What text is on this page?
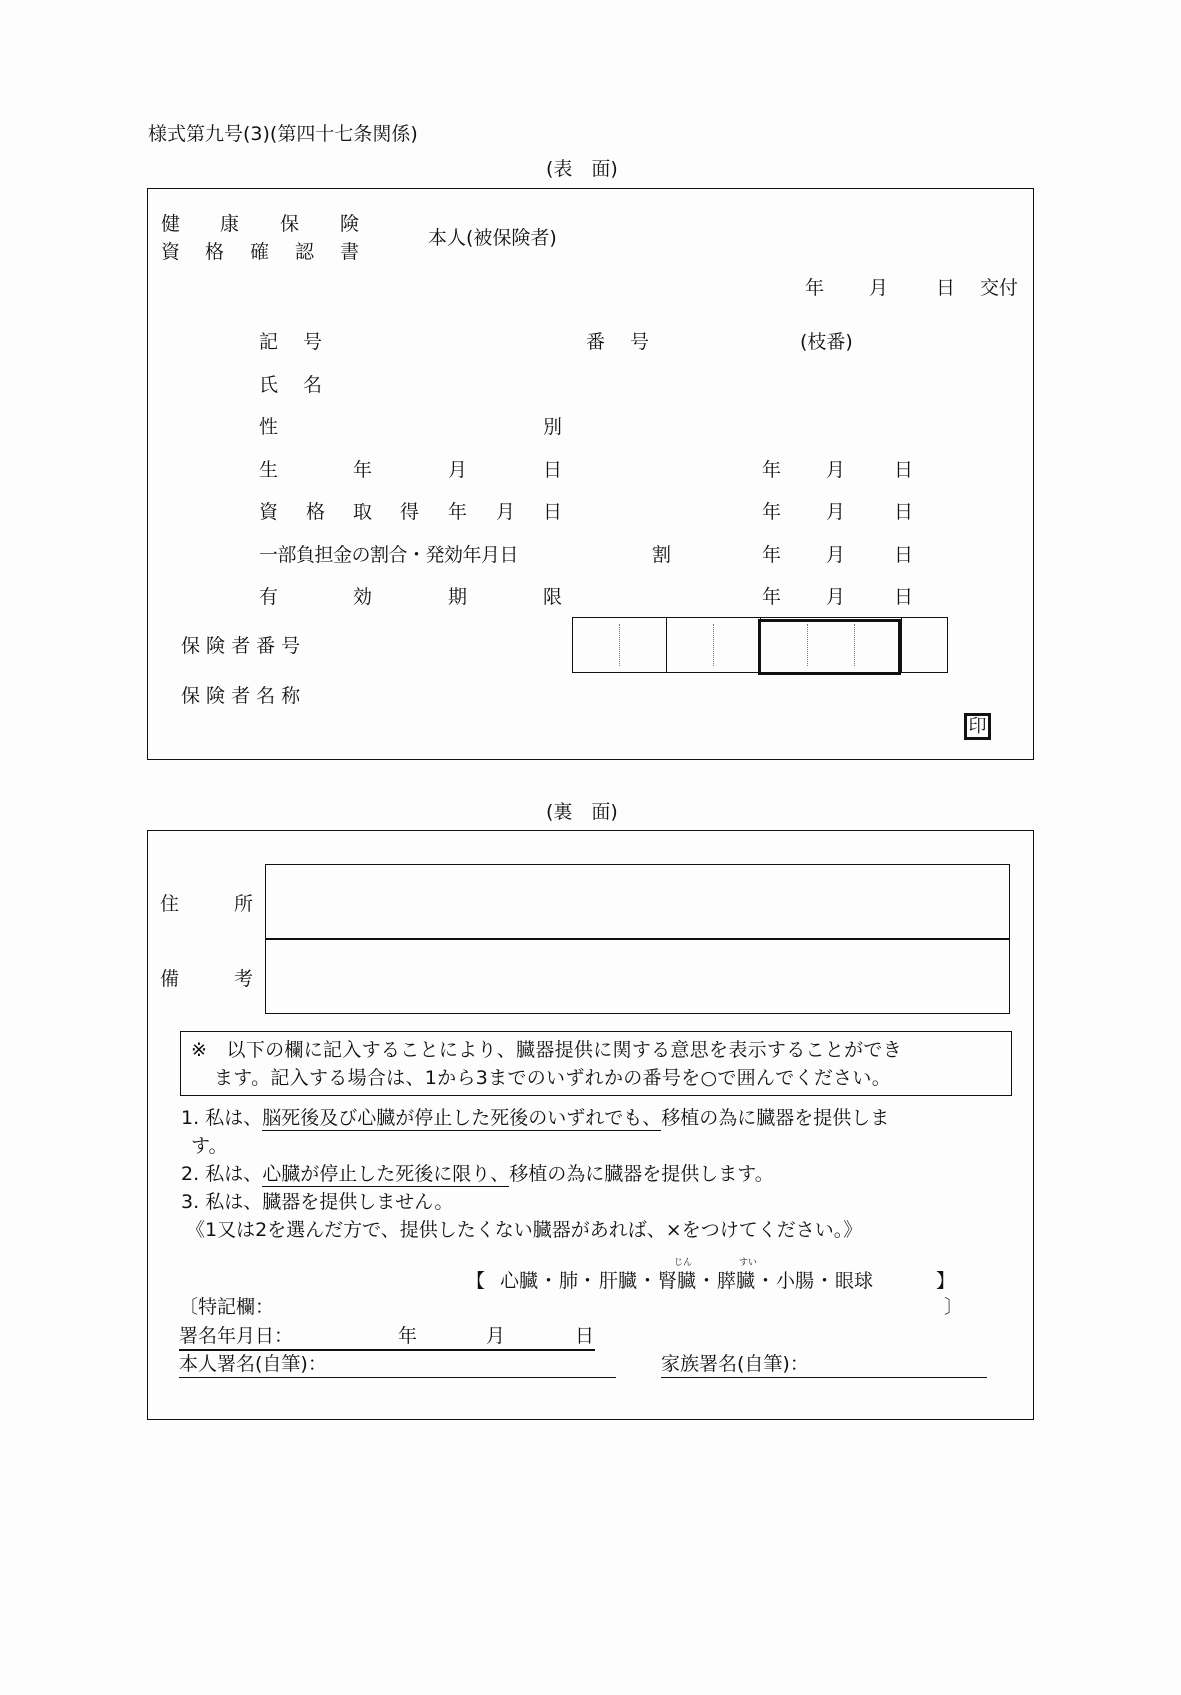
様式第九号(3)(第四十七条関係)
(表　面)
健 康 保 険
資 格 確 認 書
本人(被保険者)
年 月	日 交付
記 号	番 号	(枝番)
氏 名
性	別
生	年	月	日	年 月	日
資 格 取 得 年 月 日	年 月	日
一部負担金の割合・発効年月日	割	年 月	日
有	効	期	限	年 月	日
保 険 者 番 号
保 険 者 名 称
印
(裏　面)
住	所
備	考
※　以下の欄に記入することにより、臓器提供に関する意思を表示することができ
ます。記入する場合は、1から3までのいずれかの番号を○で囲んでください。
1. 私は、脳死後及び心臓が停止した死後のいずれでも、移植の為に臓器を提供しま
す。
2. 私は、心臓が停止した死後に限り、移植の為に臓器を提供します。
3. 私は、臓器を提供しません。
《1又は2を選んだ方で、提供したくない臓器があれば、×をつけてください。》
じん	すい
【 心臓 ・ 肺 ・ 肝臓 ・ 腎臓 ・ 膵臓 ・ 小腸 ・ 眼球	】
〔特記欄：	〕
署名年月日：	年	月	日
本人署名(自筆)：	家族署名(自筆)：
